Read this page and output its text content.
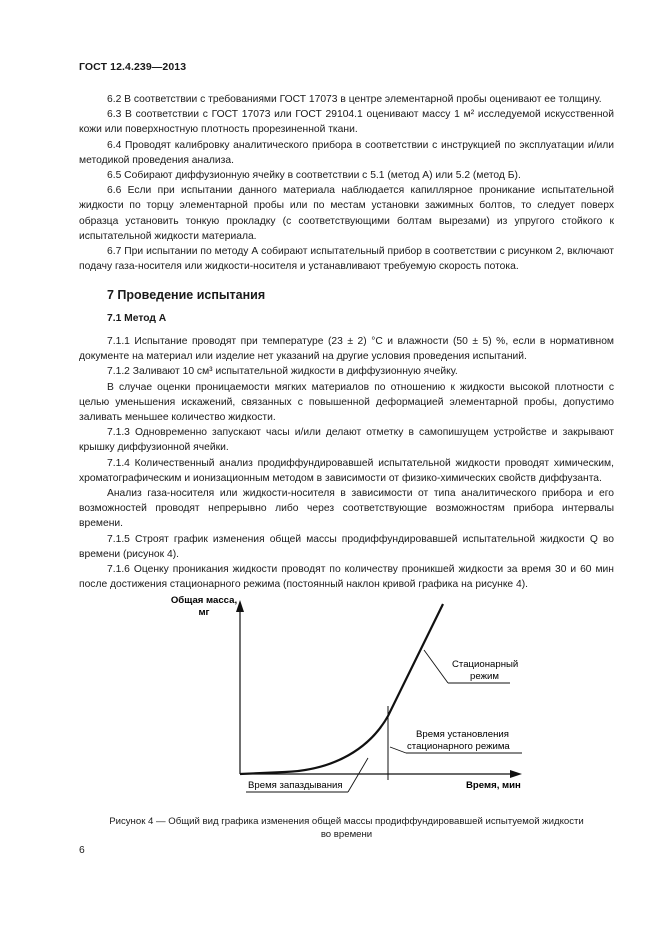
ГОСТ 12.4.239—2013

6.2 В соответствии с требованиями ГОСТ 17073 в центре элементарной пробы оценивают ее толщину.

6.3 В соответствии с ГОСТ 17073 или ГОСТ 29104.1 оценивают массу 1 м² исследуемой искусственной кожи или поверхностную плотность прорезиненной ткани.

6.4 Проводят калибровку аналитического прибора в соответствии с инструкцией по эксплуатации и/или методикой проведения анализа.

6.5 Собирают диффузионную ячейку в соответствии с 5.1 (метод А) или 5.2 (метод Б).

6.6 Если при испытании данного материала наблюдается капиллярное проникание испытательной жидкости по торцу элементарной пробы или по местам установки зажимных болтов, то следует поверх образца установить тонкую прокладку (с соответствующими болтам вырезами) из упругого стойкого к испытательной жидкости материала.

6.7 При испытании по методу А собирают испытательный прибор в соответствии с рисунком 2, включают подачу газа-носителя или жидкости-носителя и устанавливают требуемую скорость потока.

7 Проведение испытания
7.1 Метод А

7.1.1 Испытание проводят при температуре (23 ± 2) °С и влажности (50 ± 5) %, если в нормативном документе на материал или изделие нет указаний на другие условия проведения испытаний.

7.1.2 Заливают 10 см³ испытательной жидкости в диффузионную ячейку.

В случае оценки проницаемости мягких материалов по отношению к жидкости высокой плотности с целью уменьшения искажений, связанных с повышенной деформацией элементарной пробы, допустимо заливать меньшее количество жидкости.

7.1.3 Одновременно запускают часы и/или делают отметку в самопишущем устройстве и закрывают крышку диффузионной ячейки.

7.1.4 Количественный анализ продиффундировавшей испытательной жидкости проводят химическим, хроматографическим и ионизационным методом в зависимости от физико-химических свойств диффузанта.

Анализ газа-носителя или жидкости-носителя в зависимости от типа аналитического прибора и его возможностей проводят непрерывно либо через соответствующие возможностям прибора интервалы времени.

7.1.5 Строят график изменения общей массы продиффундировавшей испытательной жидкости Q во времени (рисунок 4).

7.1.6 Оценку проникания жидкости проводят по количеству проникшей жидкости за время 30 и 60 мин после достижения стационарного режима (постоянный наклон кривой графика на рисунке 4).

Общая масса,
мг
Стационарный
режим
Время установления
стационарного режима
Время запаздывания	Время, мин
Рисунок 4 — Общий вид графика изменения общей массы продиффундировавшей испытуемой жидкости
во времени
6
